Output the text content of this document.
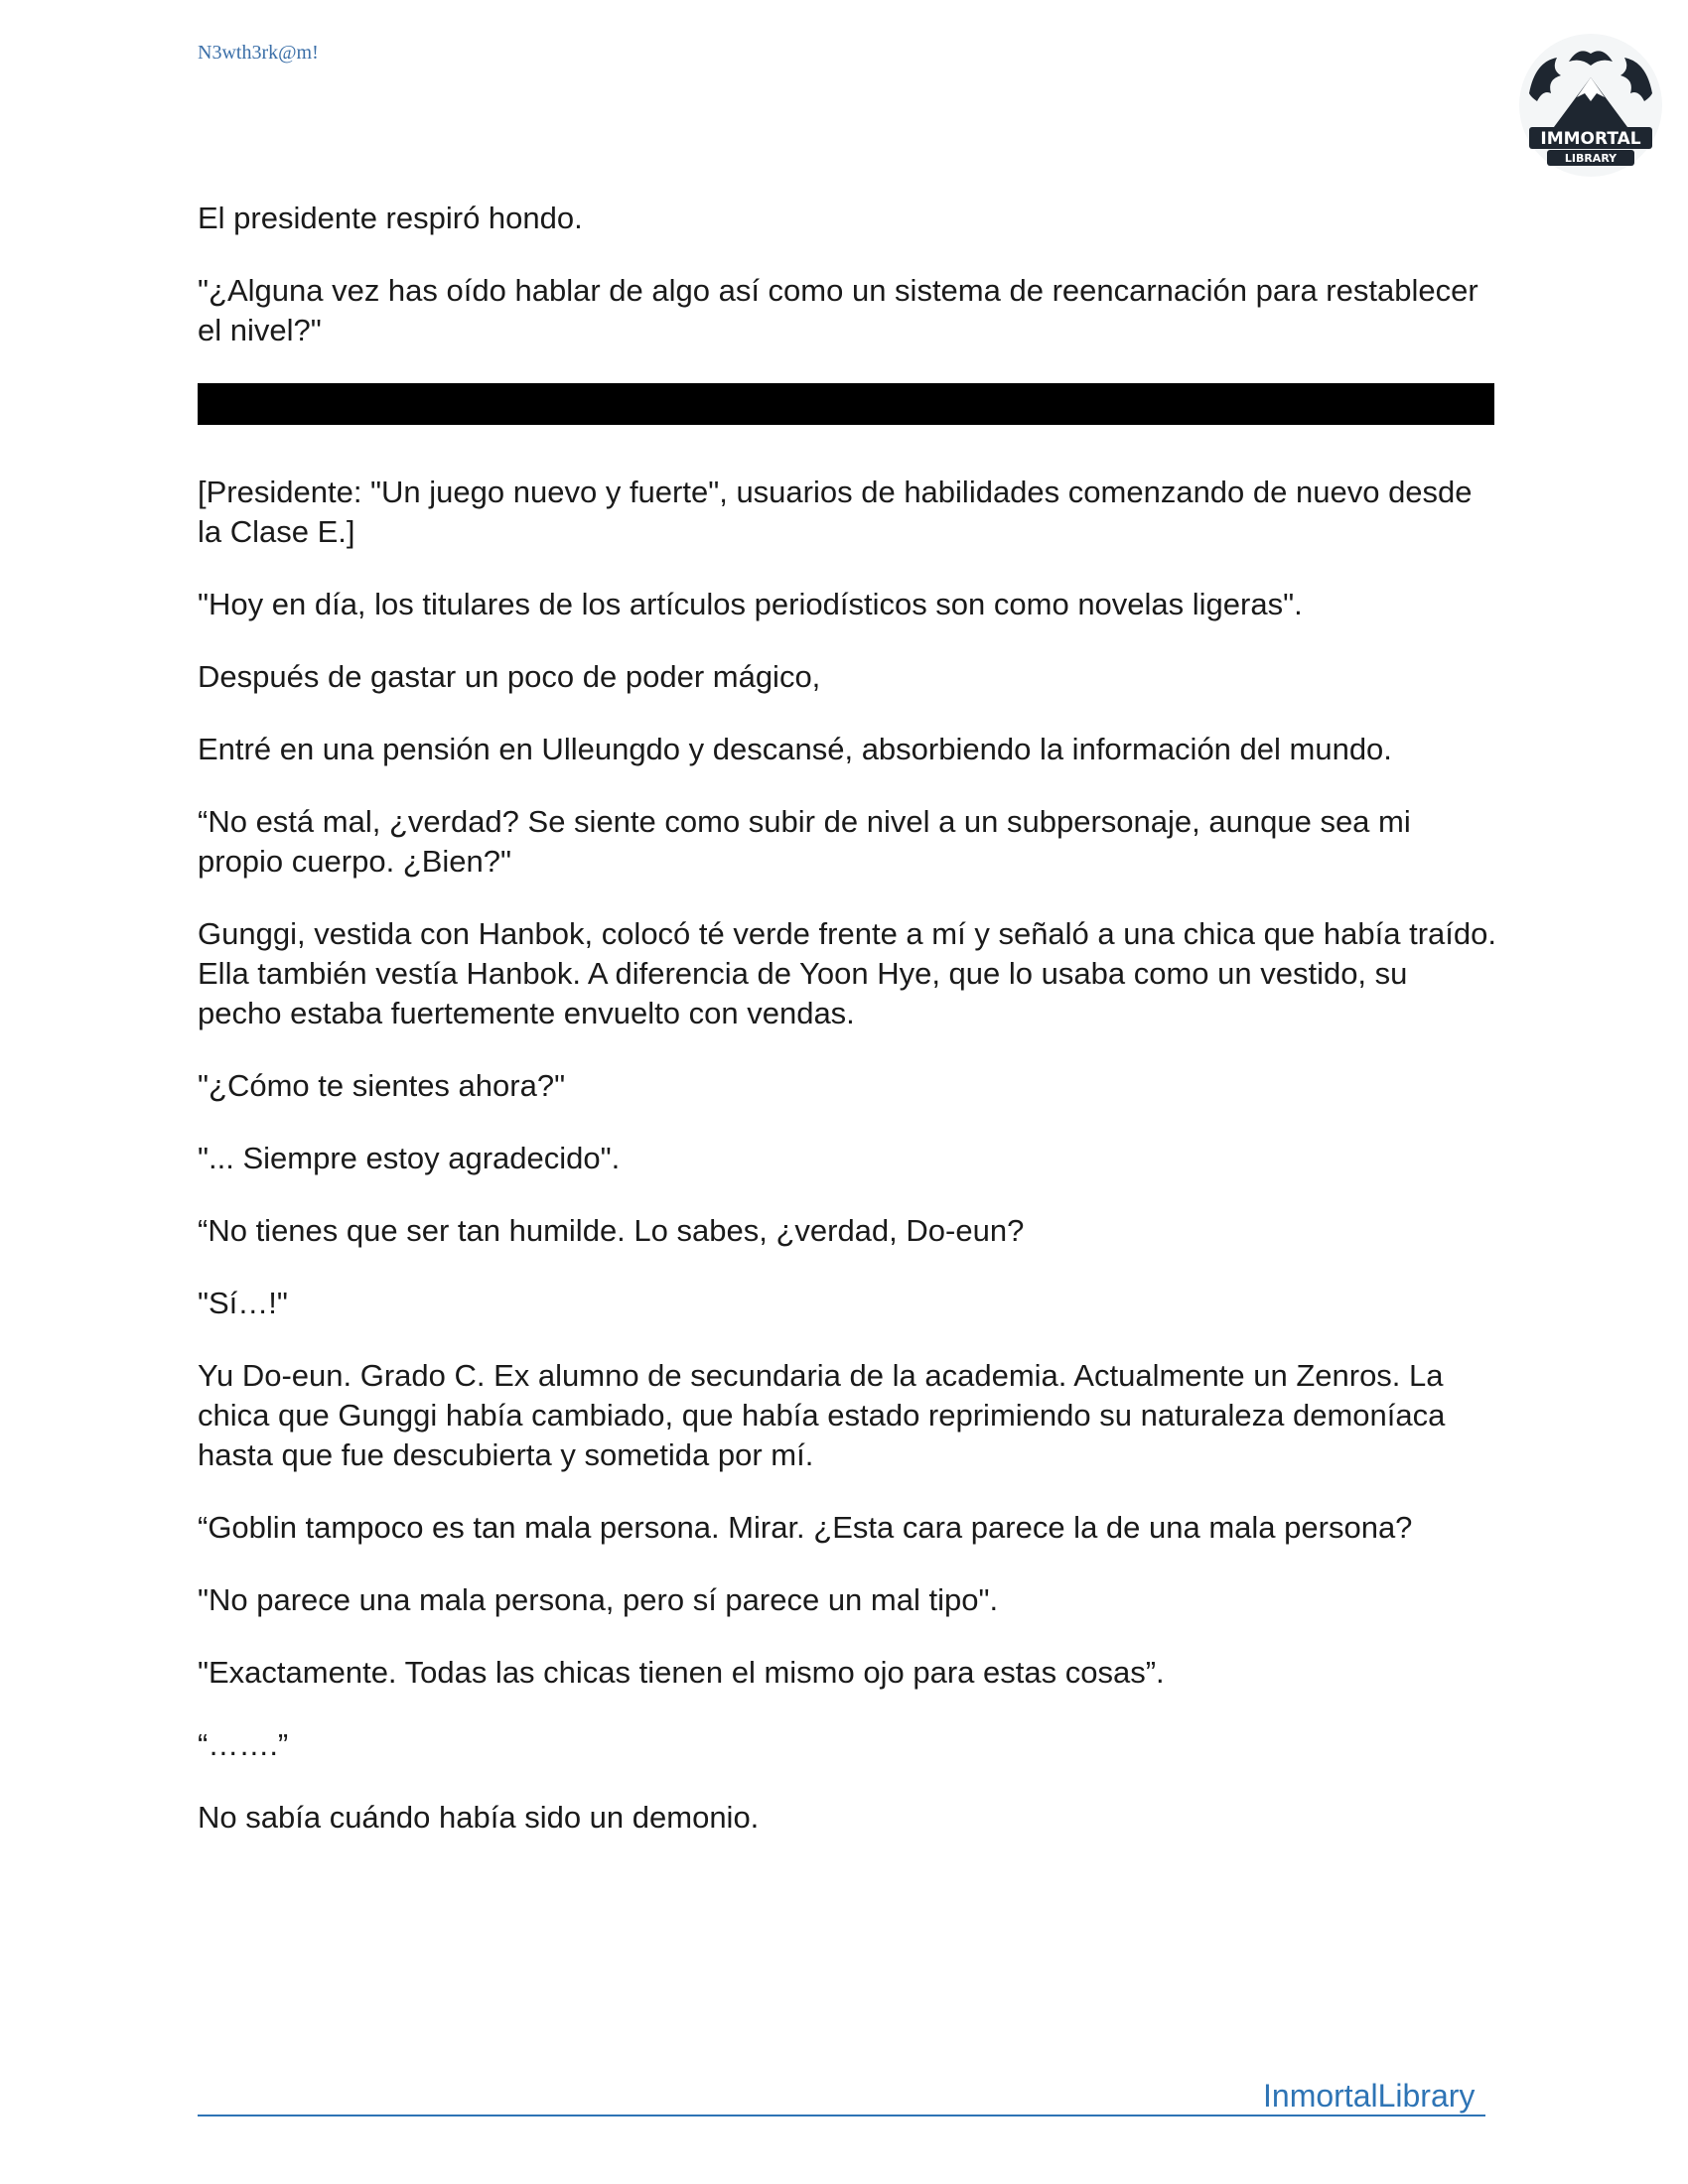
N3wth3rk@m!
IMMORTAL
LIBRARY

El presidente respiró hondo.

"¿Alguna vez has oído hablar de algo así como un sistema de reencarnación para restablecer el nivel?"

[Presidente: "Un juego nuevo y fuerte", usuarios de habilidades comenzando de nuevo desde la Clase E.]

"Hoy en día, los titulares de los artículos periodísticos son como novelas ligeras".

Después de gastar un poco de poder mágico,

Entré en una pensión en Ulleungdo y descansé, absorbiendo la información del mundo.

“No está mal, ¿verdad? Se siente como subir de nivel a un subpersonaje, aunque sea mi propio cuerpo. ¿Bien?"

Gunggi, vestida con Hanbok, colocó té verde frente a mí y señaló a una chica que había traído. Ella también vestía Hanbok. A diferencia de Yoon Hye, que lo usaba como un vestido, su pecho estaba fuertemente envuelto con vendas.

"¿Cómo te sientes ahora?"

"... Siempre estoy agradecido".

“No tienes que ser tan humilde. Lo sabes, ¿verdad, Do-eun?

"Sí…!"

Yu Do-eun. Grado C. Ex alumno de secundaria de la academia. Actualmente un Zenros. La chica que Gunggi había cambiado, que había estado reprimiendo su naturaleza demoníaca hasta que fue descubierta y sometida por mí.

“Goblin tampoco es tan mala persona. Mirar. ¿Esta cara parece la de una mala persona?

"No parece una mala persona, pero sí parece un mal tipo".

"Exactamente. Todas las chicas tienen el mismo ojo para estas cosas”.

“…….”

No sabía cuándo había sido un demonio.

InmortalLibrary
